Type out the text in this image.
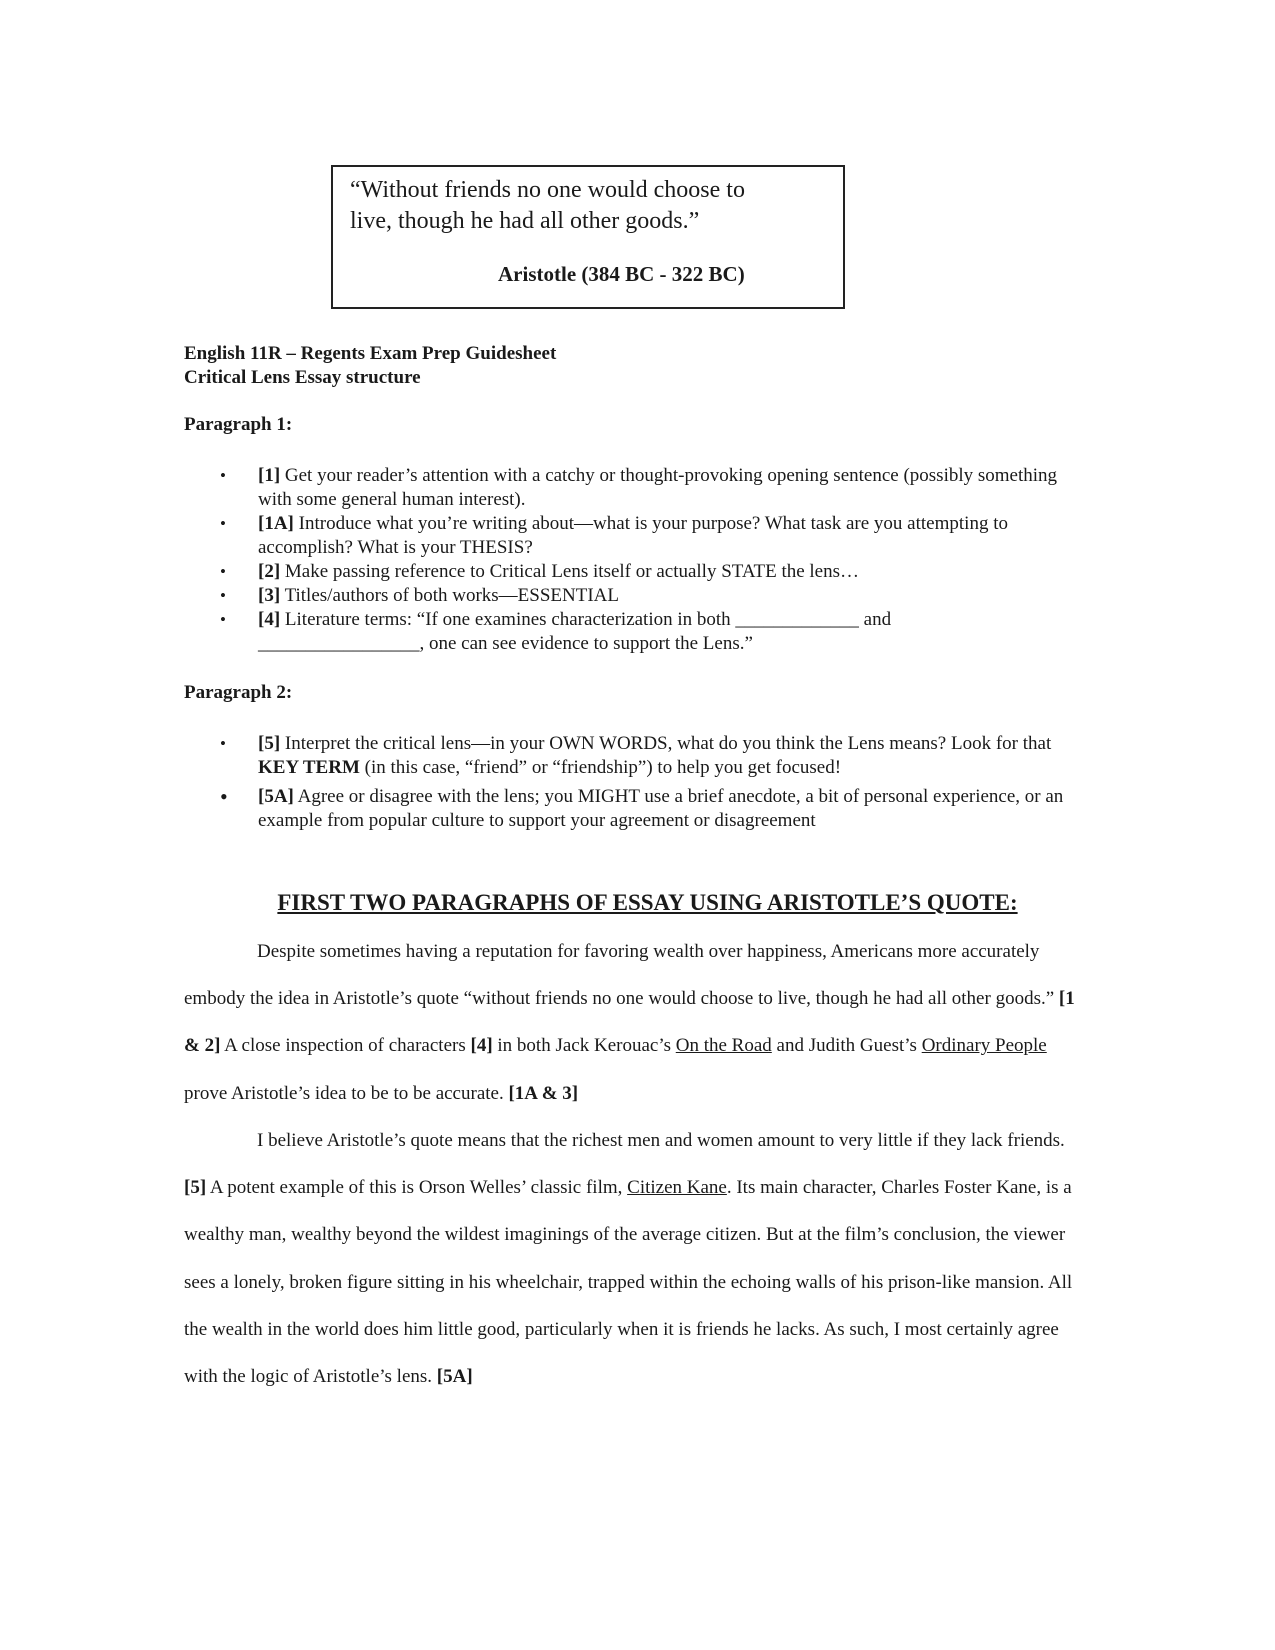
“Without friends no one would choose to
live, though he had all other goods.”
Aristotle (384 BC - 322 BC)
English 11R – Regents Exam Prep Guidesheet
Critical Lens Essay structure
Paragraph 1:
• [1] Get your reader’s attention with a catchy or thought-provoking opening sentence (possibly something with some general human interest).
• [1A] Introduce what you’re writing about—what is your purpose? What task are you attempting to accomplish? What is your THESIS?
• [2] Make passing reference to Critical Lens itself or actually STATE the lens…
• [3] Titles/authors of both works—ESSENTIAL
• [4] Literature terms: “If one examines characterization in both _____________ and
_________________, one can see evidence to support the Lens.”
Paragraph 2:
• [5] Interpret the critical lens—in your OWN WORDS, what do you think the Lens means? Look for that KEY TERM (in this case, “friend” or “friendship”) to help you get focused!
• [5A] Agree or disagree with the lens; you MIGHT use a brief anecdote, a bit of personal experience, or an example from popular culture to support your agreement or disagreement
FIRST TWO PARAGRAPHS OF ESSAY USING ARISTOTLE’S QUOTE:

Despite sometimes having a reputation for favoring wealth over happiness, Americans more accurately embody the idea in Aristotle’s quote “without friends no one would choose to live, though he had all other goods.” [1 & 2] A close inspection of characters [4] in both Jack Kerouac’s On the Road and Judith Guest’s Ordinary People prove Aristotle’s idea to be to be accurate. [1A & 3]

I believe Aristotle’s quote means that the richest men and women amount to very little if they lack friends. [5] A potent example of this is Orson Welles’ classic film, Citizen Kane. Its main character, Charles Foster Kane, is a wealthy man, wealthy beyond the wildest imaginings of the average citizen. But at the film’s conclusion, the viewer sees a lonely, broken figure sitting in his wheelchair, trapped within the echoing walls of his prison-like mansion. All the wealth in the world does him little good, particularly when it is friends he lacks. As such, I most certainly agree with the logic of Aristotle’s lens. [5A]
